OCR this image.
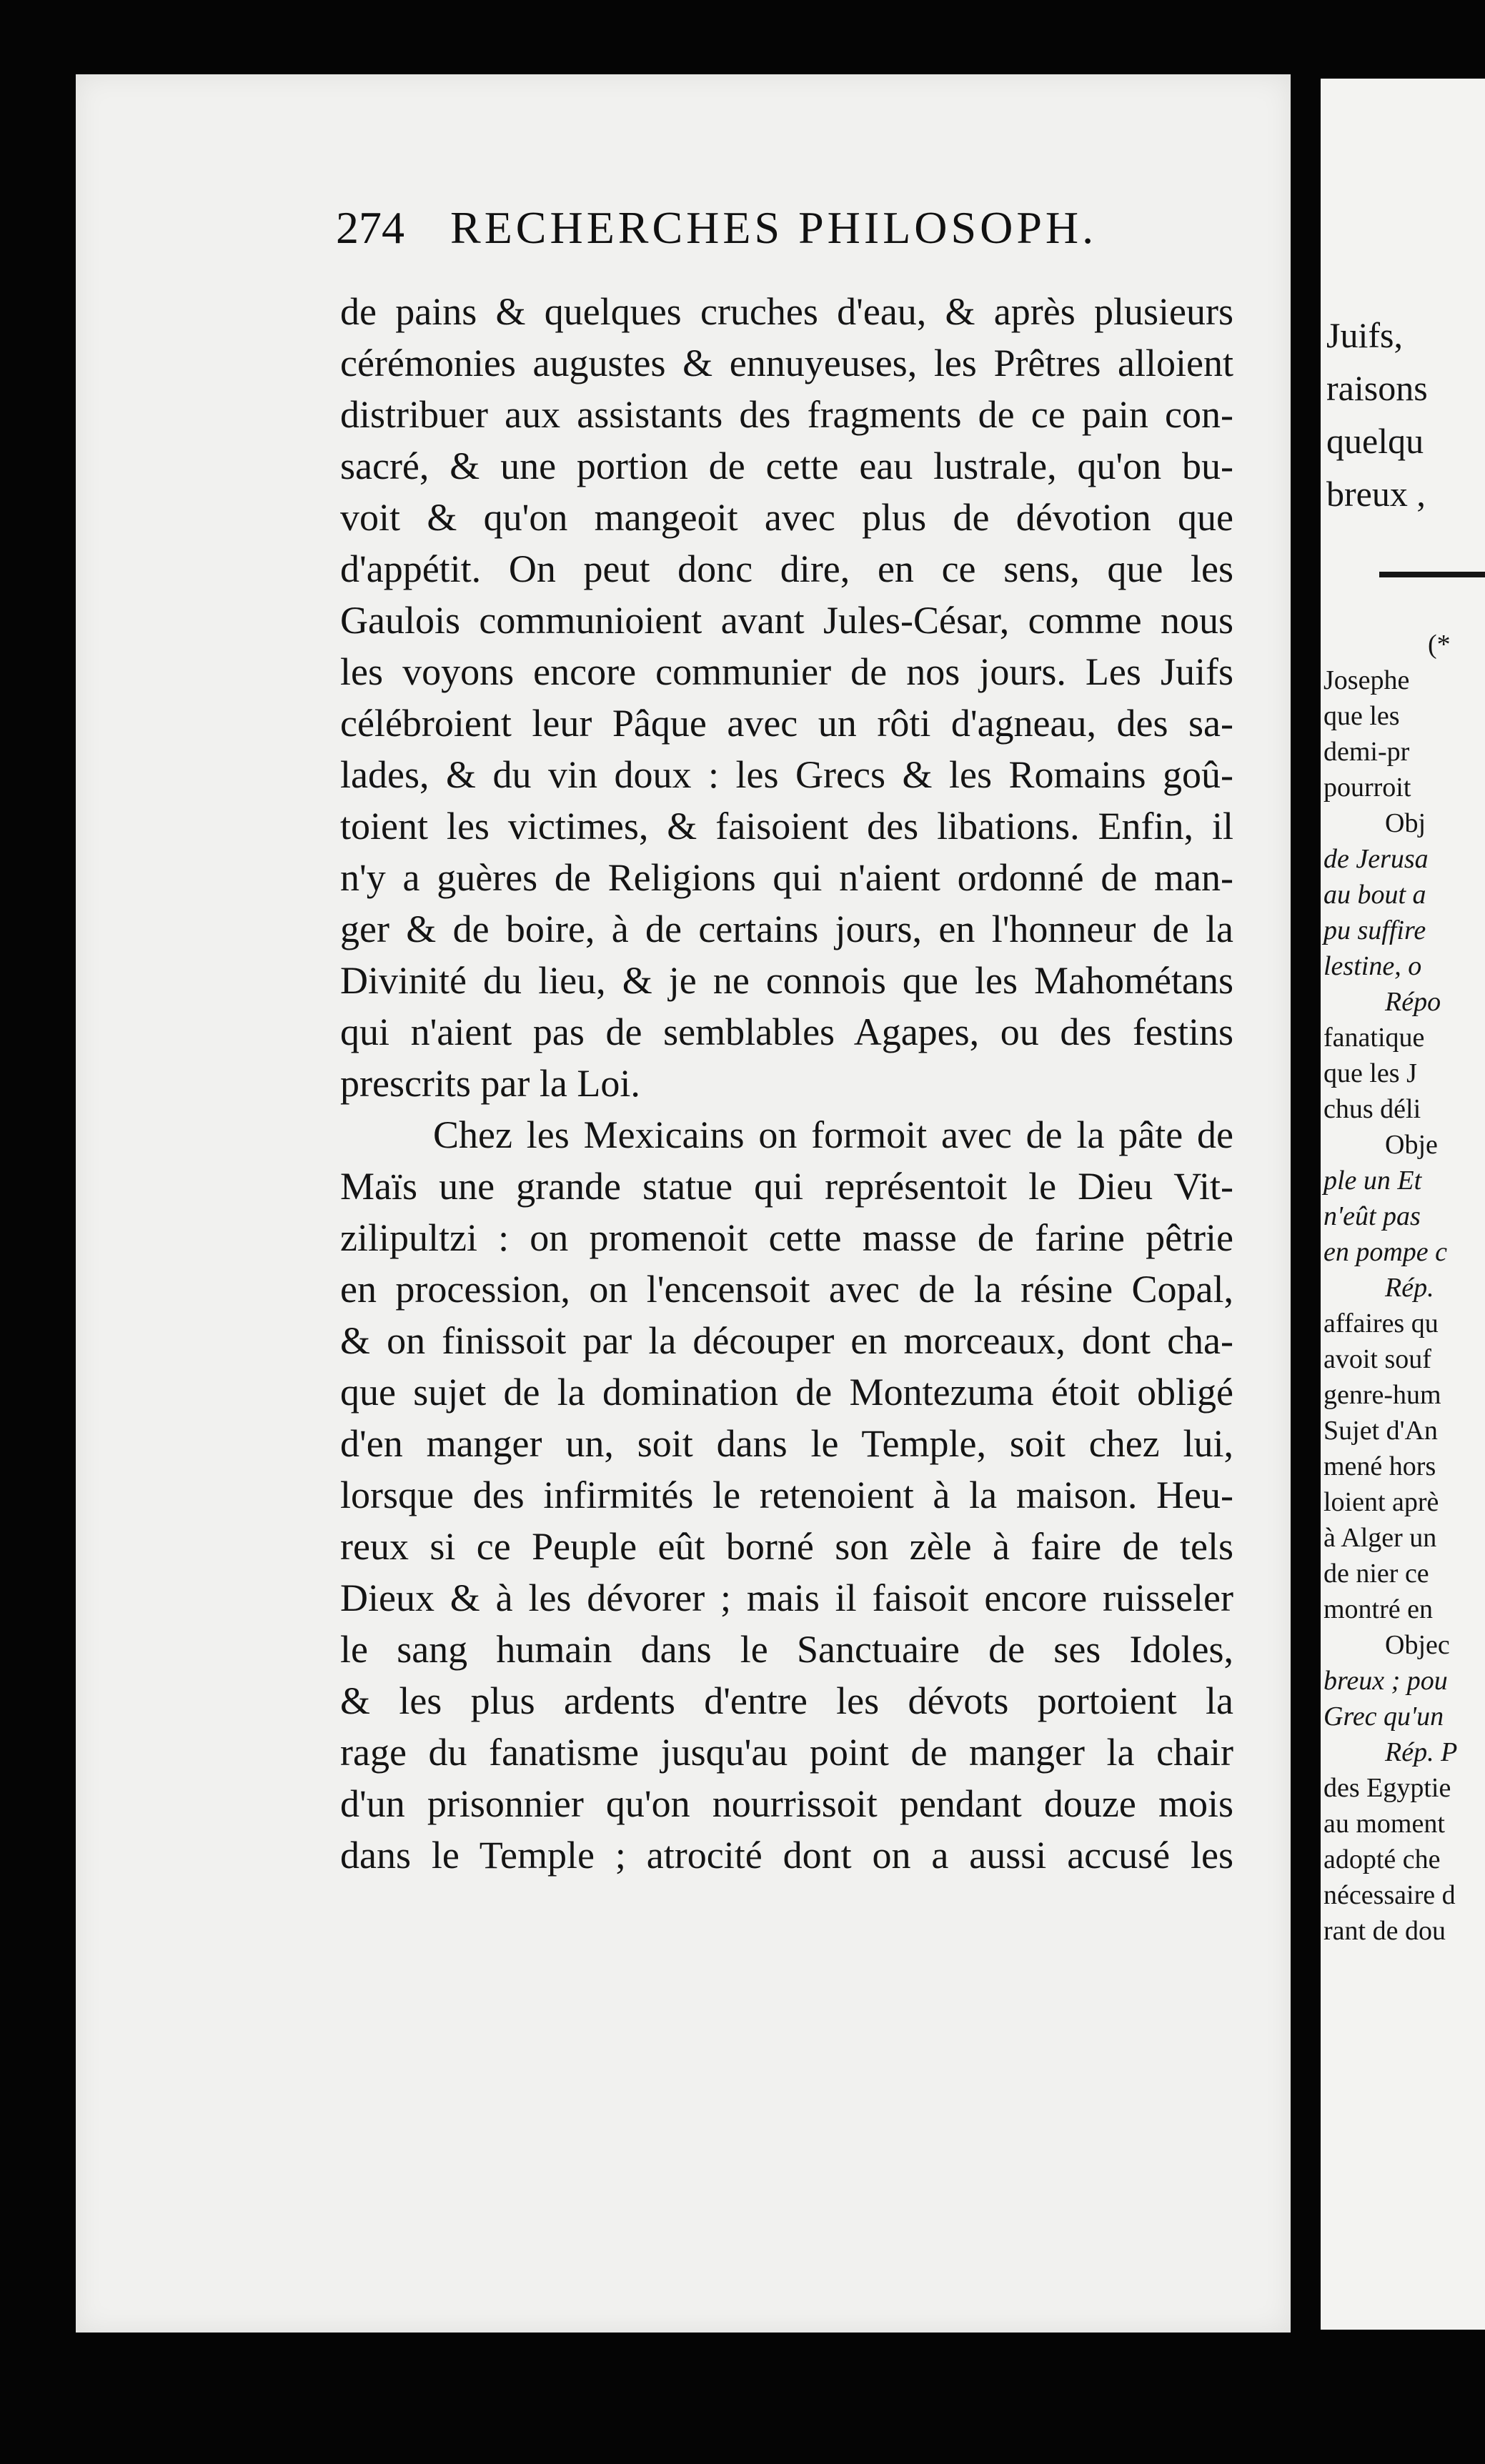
274 RECHERCHES PHILOSOPH.
de pains & quelques cruches d'eau, & après plusieurs
cérémonies augustes & ennuyeuses, les Prêtres alloient
distribuer aux assistants des fragments de ce pain con-
sacré, & une portion de cette eau lustrale, qu'on bu-
voit & qu'on mangeoit avec plus de dévotion que
d'appétit. On peut donc dire, en ce sens, que les
Gaulois communioient avant Jules-César, comme nous
les voyons encore communier de nos jours. Les Juifs
célébroient leur Pâque avec un rôti d'agneau, des sa-
lades, & du vin doux : les Grecs & les Romains goû-
toient les victimes, & faisoient des libations. Enfin, il
n'y a guères de Religions qui n'aient ordonné de man-
ger & de boire, à de certains jours, en l'honneur de la
Divinité du lieu, & je ne connois que les Mahométans
qui n'aient pas de semblables Agapes, ou des festins
prescrits par la Loi.
Chez les Mexicains on formoit avec de la pâte de
Maïs une grande statue qui représentoit le Dieu Vit-
zilipultzi : on promenoit cette masse de farine pêtrie
en procession, on l'encensoit avec de la résine Copal,
& on finissoit par la découper en morceaux, dont cha-
que sujet de la domination de Montezuma étoit obligé
d'en manger un, soit dans le Temple, soit chez lui,
lorsque des infirmités le retenoient à la maison. Heu-
reux si ce Peuple eût borné son zèle à faire de tels
Dieux & à les dévorer ; mais il faisoit encore ruisseler
le sang humain dans le Sanctuaire de ses Idoles,
& les plus ardents d'entre les dévots portoient la
rage du fanatisme jusqu'au point de manger la chair
d'un prisonnier qu'on nourrissoit pendant douze mois
dans le Temple ; atrocité dont on a aussi accusé les
Juifs,
raisons
quelqu
breux ,
(*
Josephe
que les
demi-pr
pourroit
Obj
de Jerusa
au bout a
pu suffire
lestine, o
Répo
fanatique
que les J
chus déli
Obje
ple un Et
n'eût pas
en pompe c
Rép.
affaires qu
avoit souf
genre-hum
Sujet d'An
mené hors
loient aprè
à Alger un
de nier ce
montré en
Objec
breux ; pou
Grec qu'un
Rép. P
des Egyptie
au moment
adopté che
nécessaire d
rant de dou
